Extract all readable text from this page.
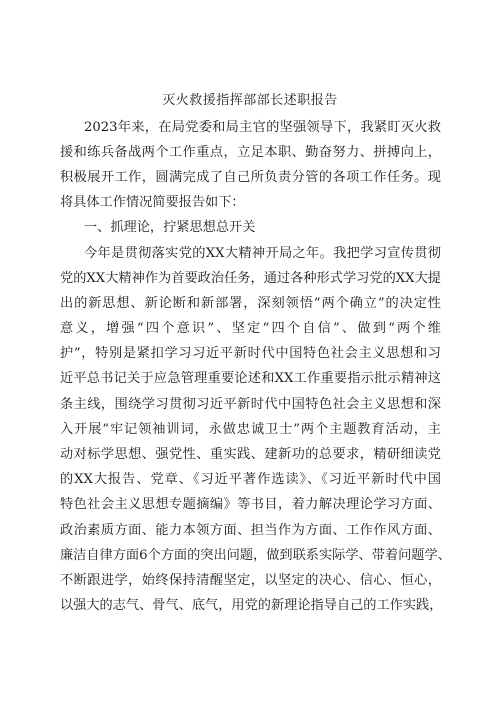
灭火救援指挥部部长述职报告
2023年来，在局党委和局主官的坚强领导下，我紧盯灭火救
援和练兵备战两个工作重点，立足本职、勤奋努力、拼搏向上，
积极展开工作，圆满完成了自己所负责分管的各项工作任务。现
将具体工作情况简要报告如下：
一、抓理论，拧紧思想总开关
今年是贯彻落实党的XX大精神开局之年。我把学习宣传贯彻
党的XX大精神作为首要政治任务，通过各种形式学习党的XX大提
出的新思想、新论断和新部署，深刻领悟“两个确立”的决定性
意义，增强“四个意识”、坚定“四个自信”、做到“两个维
护”，特别是紧扣学习习近平新时代中国特色社会主义思想和习
近平总书记关于应急管理重要论述和XX工作重要指示批示精神这
条主线，围绕学习贯彻习近平新时代中国特色社会主义思想和深
入开展“牢记领袖训词，永做忠诚卫士”两个主题教育活动，主
动对标学思想、强党性、重实践、建新功的总要求，精研细读党
的XX大报告、党章、《习近平著作选读》、《习近平新时代中国
特色社会主义思想专题摘编》等书目，着力解决理论学习方面、
政治素质方面、能力本领方面、担当作为方面、工作作风方面、
廉洁自律方面6个方面的突出问题，做到联系实际学、带着问题学、
不断跟进学，始终保持清醒坚定，以坚定的决心、信心、恒心，
以强大的志气、骨气、底气，用党的新理论指导自己的工作实践，
